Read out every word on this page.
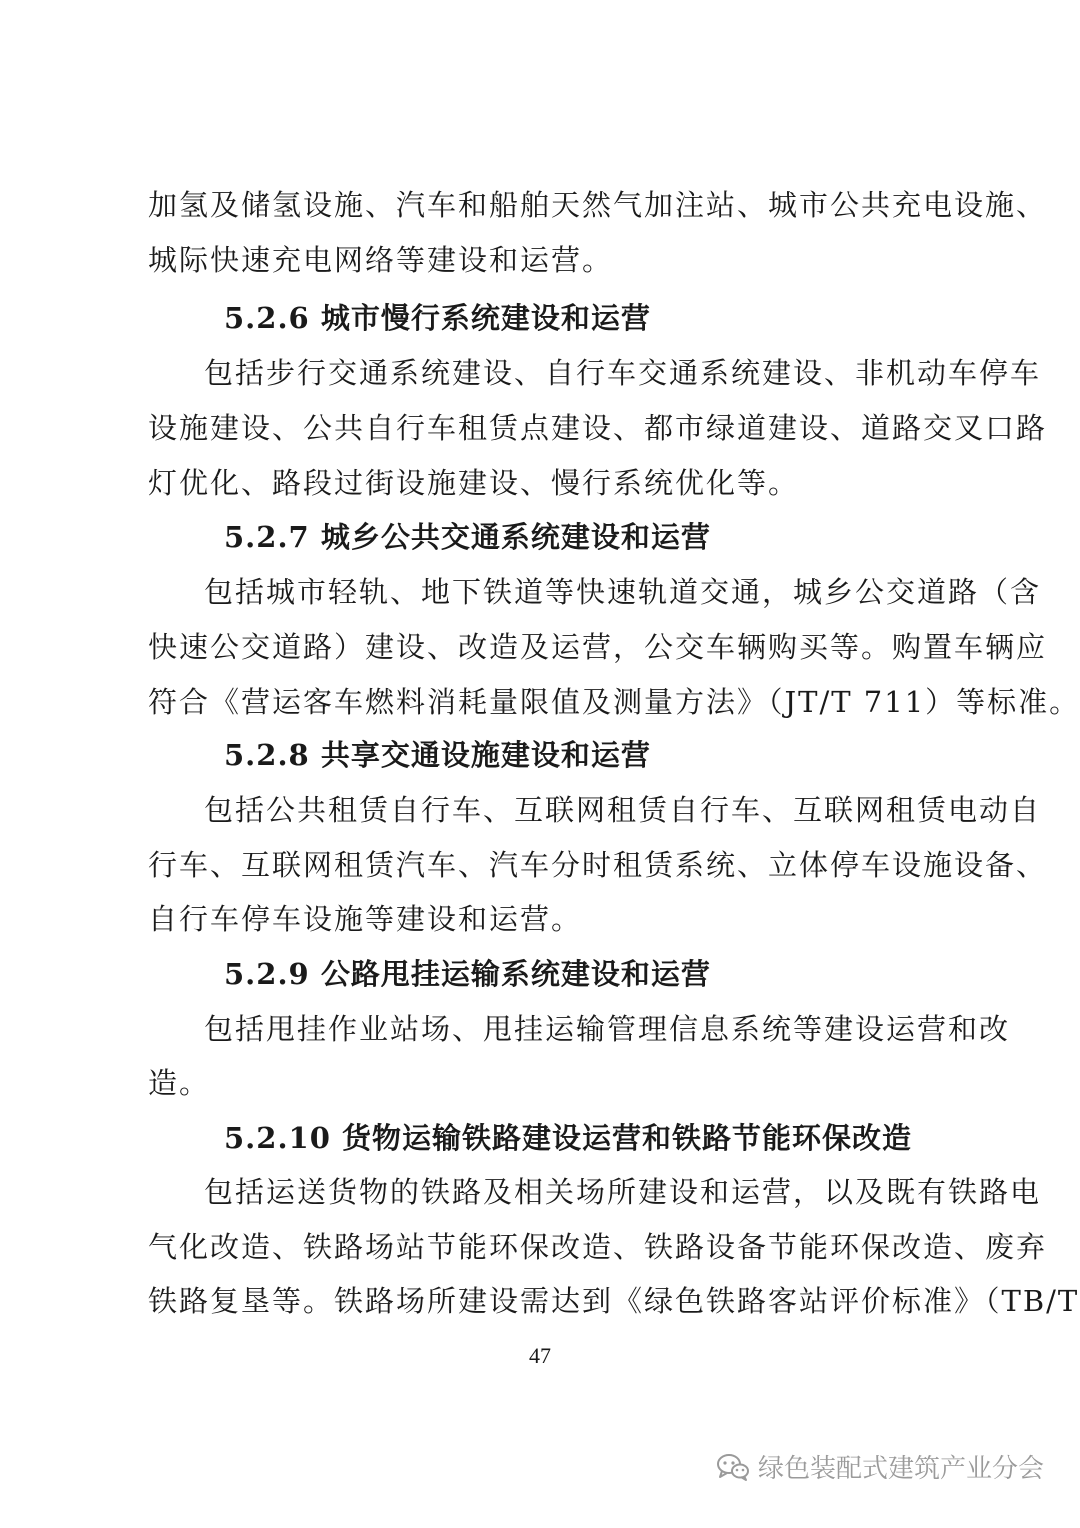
加氢及储氢设施、汽车和船舶天然气加注站、城市公共充电设施、
城际快速充电网络等建设和运营。
5.2.6 城市慢行系统建设和运营
包括步行交通系统建设、自行车交通系统建设、非机动车停车
设施建设、公共自行车租赁点建设、都市绿道建设、道路交叉口路
灯优化、路段过街设施建设、慢行系统优化等。
5.2.7 城乡公共交通系统建设和运营
包括城市轻轨、地下铁道等快速轨道交通，城乡公交道路（含
快速公交道路）建设、改造及运营，公交车辆购买等。购置车辆应
符合《营运客车燃料消耗量限值及测量方法》（JT/T 711）等标准。
5.2.8 共享交通设施建设和运营
包括公共租赁自行车、互联网租赁自行车、互联网租赁电动自
行车、互联网租赁汽车、汽车分时租赁系统、立体停车设施设备、
自行车停车设施等建设和运营。
5.2.9 公路甩挂运输系统建设和运营
包括甩挂作业站场、甩挂运输管理信息系统等建设运营和改
造。
5.2.10 货物运输铁路建设运营和铁路节能环保改造
包括运送货物的铁路及相关场所建设和运营，以及既有铁路电
气化改造、铁路场站节能环保改造、铁路设备节能环保改造、废弃
铁路复垦等。铁路场所建设需达到《绿色铁路客站评价标准》（TB/T
47
绿色装配式建筑产业分会
